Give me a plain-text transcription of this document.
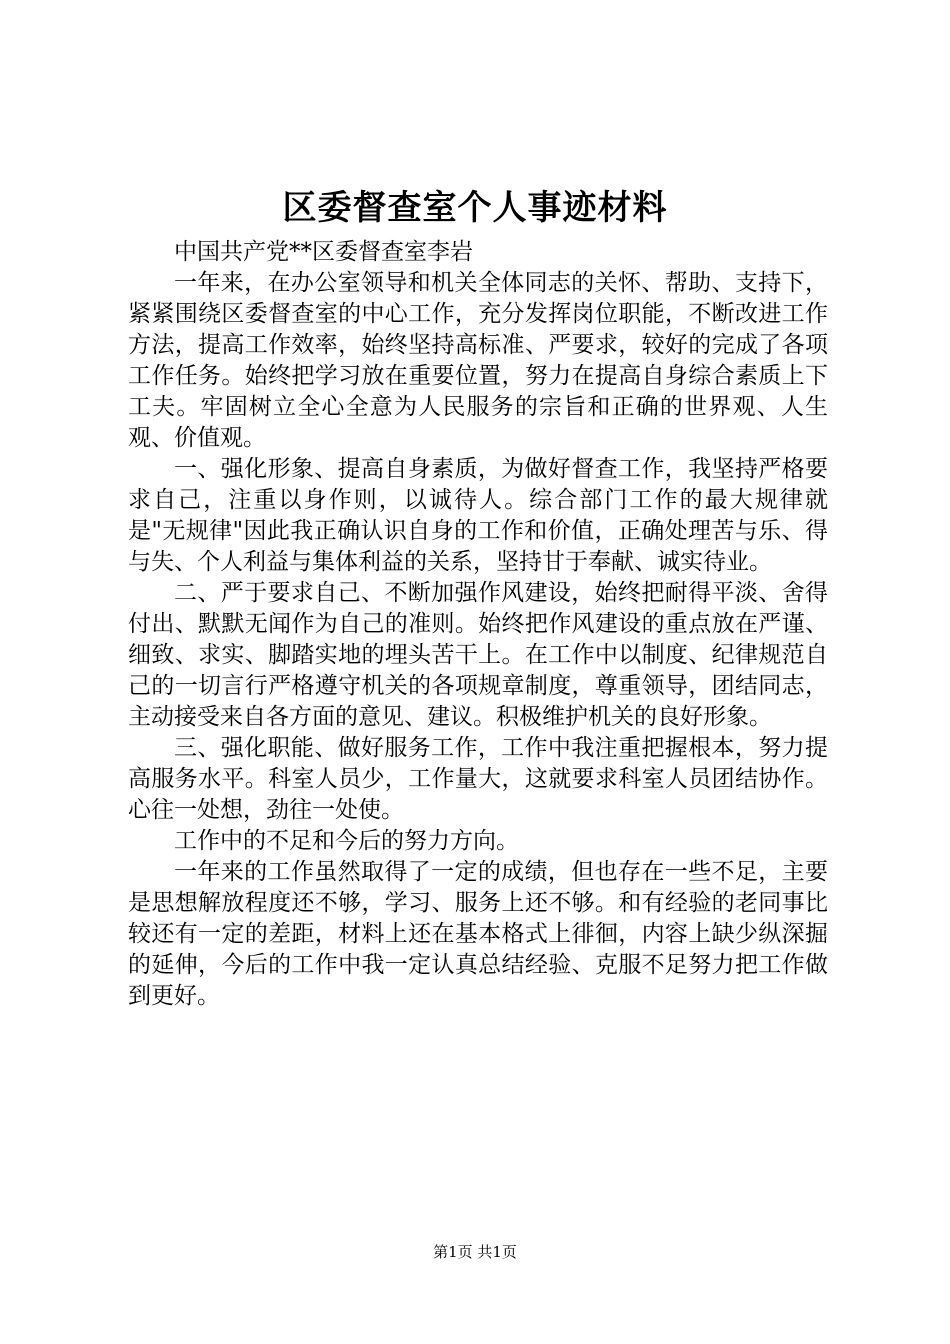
区委督查室个人事迹材料

中国共产党**区委督查室李岩

一年来，在办公室领导和机关全体同志的关怀、帮助、支持下，紧紧围绕区委督查室的中心工作，充分发挥岗位职能，不断改进工作方法，提高工作效率，始终坚持高标准、严要求，较好的完成了各项工作任务。始终把学习放在重要位置，努力在提高自身综合素质上下工夫。牢固树立全心全意为人民服务的宗旨和正确的世界观、人生观、价值观。

一、强化形象、提高自身素质，为做好督查工作，我坚持严格要求自己，注重以身作则，以诚待人。综合部门工作的最大规律就是"无规律"因此我正确认识自身的工作和价值，正确处理苦与乐、得与失、个人利益与集体利益的关系，坚持甘于奉献、诚实待业。

二、严于要求自己、不断加强作风建设，始终把耐得平淡、舍得付出、默默无闻作为自己的准则。始终把作风建设的重点放在严谨、细致、求实、脚踏实地的埋头苦干上。在工作中以制度、纪律规范自己的一切言行严格遵守机关的各项规章制度，尊重领导，团结同志，主动接受来自各方面的意见、建议。积极维护机关的良好形象。

三、强化职能、做好服务工作，工作中我注重把握根本，努力提高服务水平。科室人员少，工作量大，这就要求科室人员团结协作。心往一处想，劲往一处使。

工作中的不足和今后的努力方向。

一年来的工作虽然取得了一定的成绩，但也存在一些不足，主要是思想解放程度还不够，学习、服务上还不够。和有经验的老同事比较还有一定的差距，材料上还在基本格式上徘徊，内容上缺少纵深掘的延伸，今后的工作中我一定认真总结经验、克服不足努力把工作做到更好。

第1页 共1页
